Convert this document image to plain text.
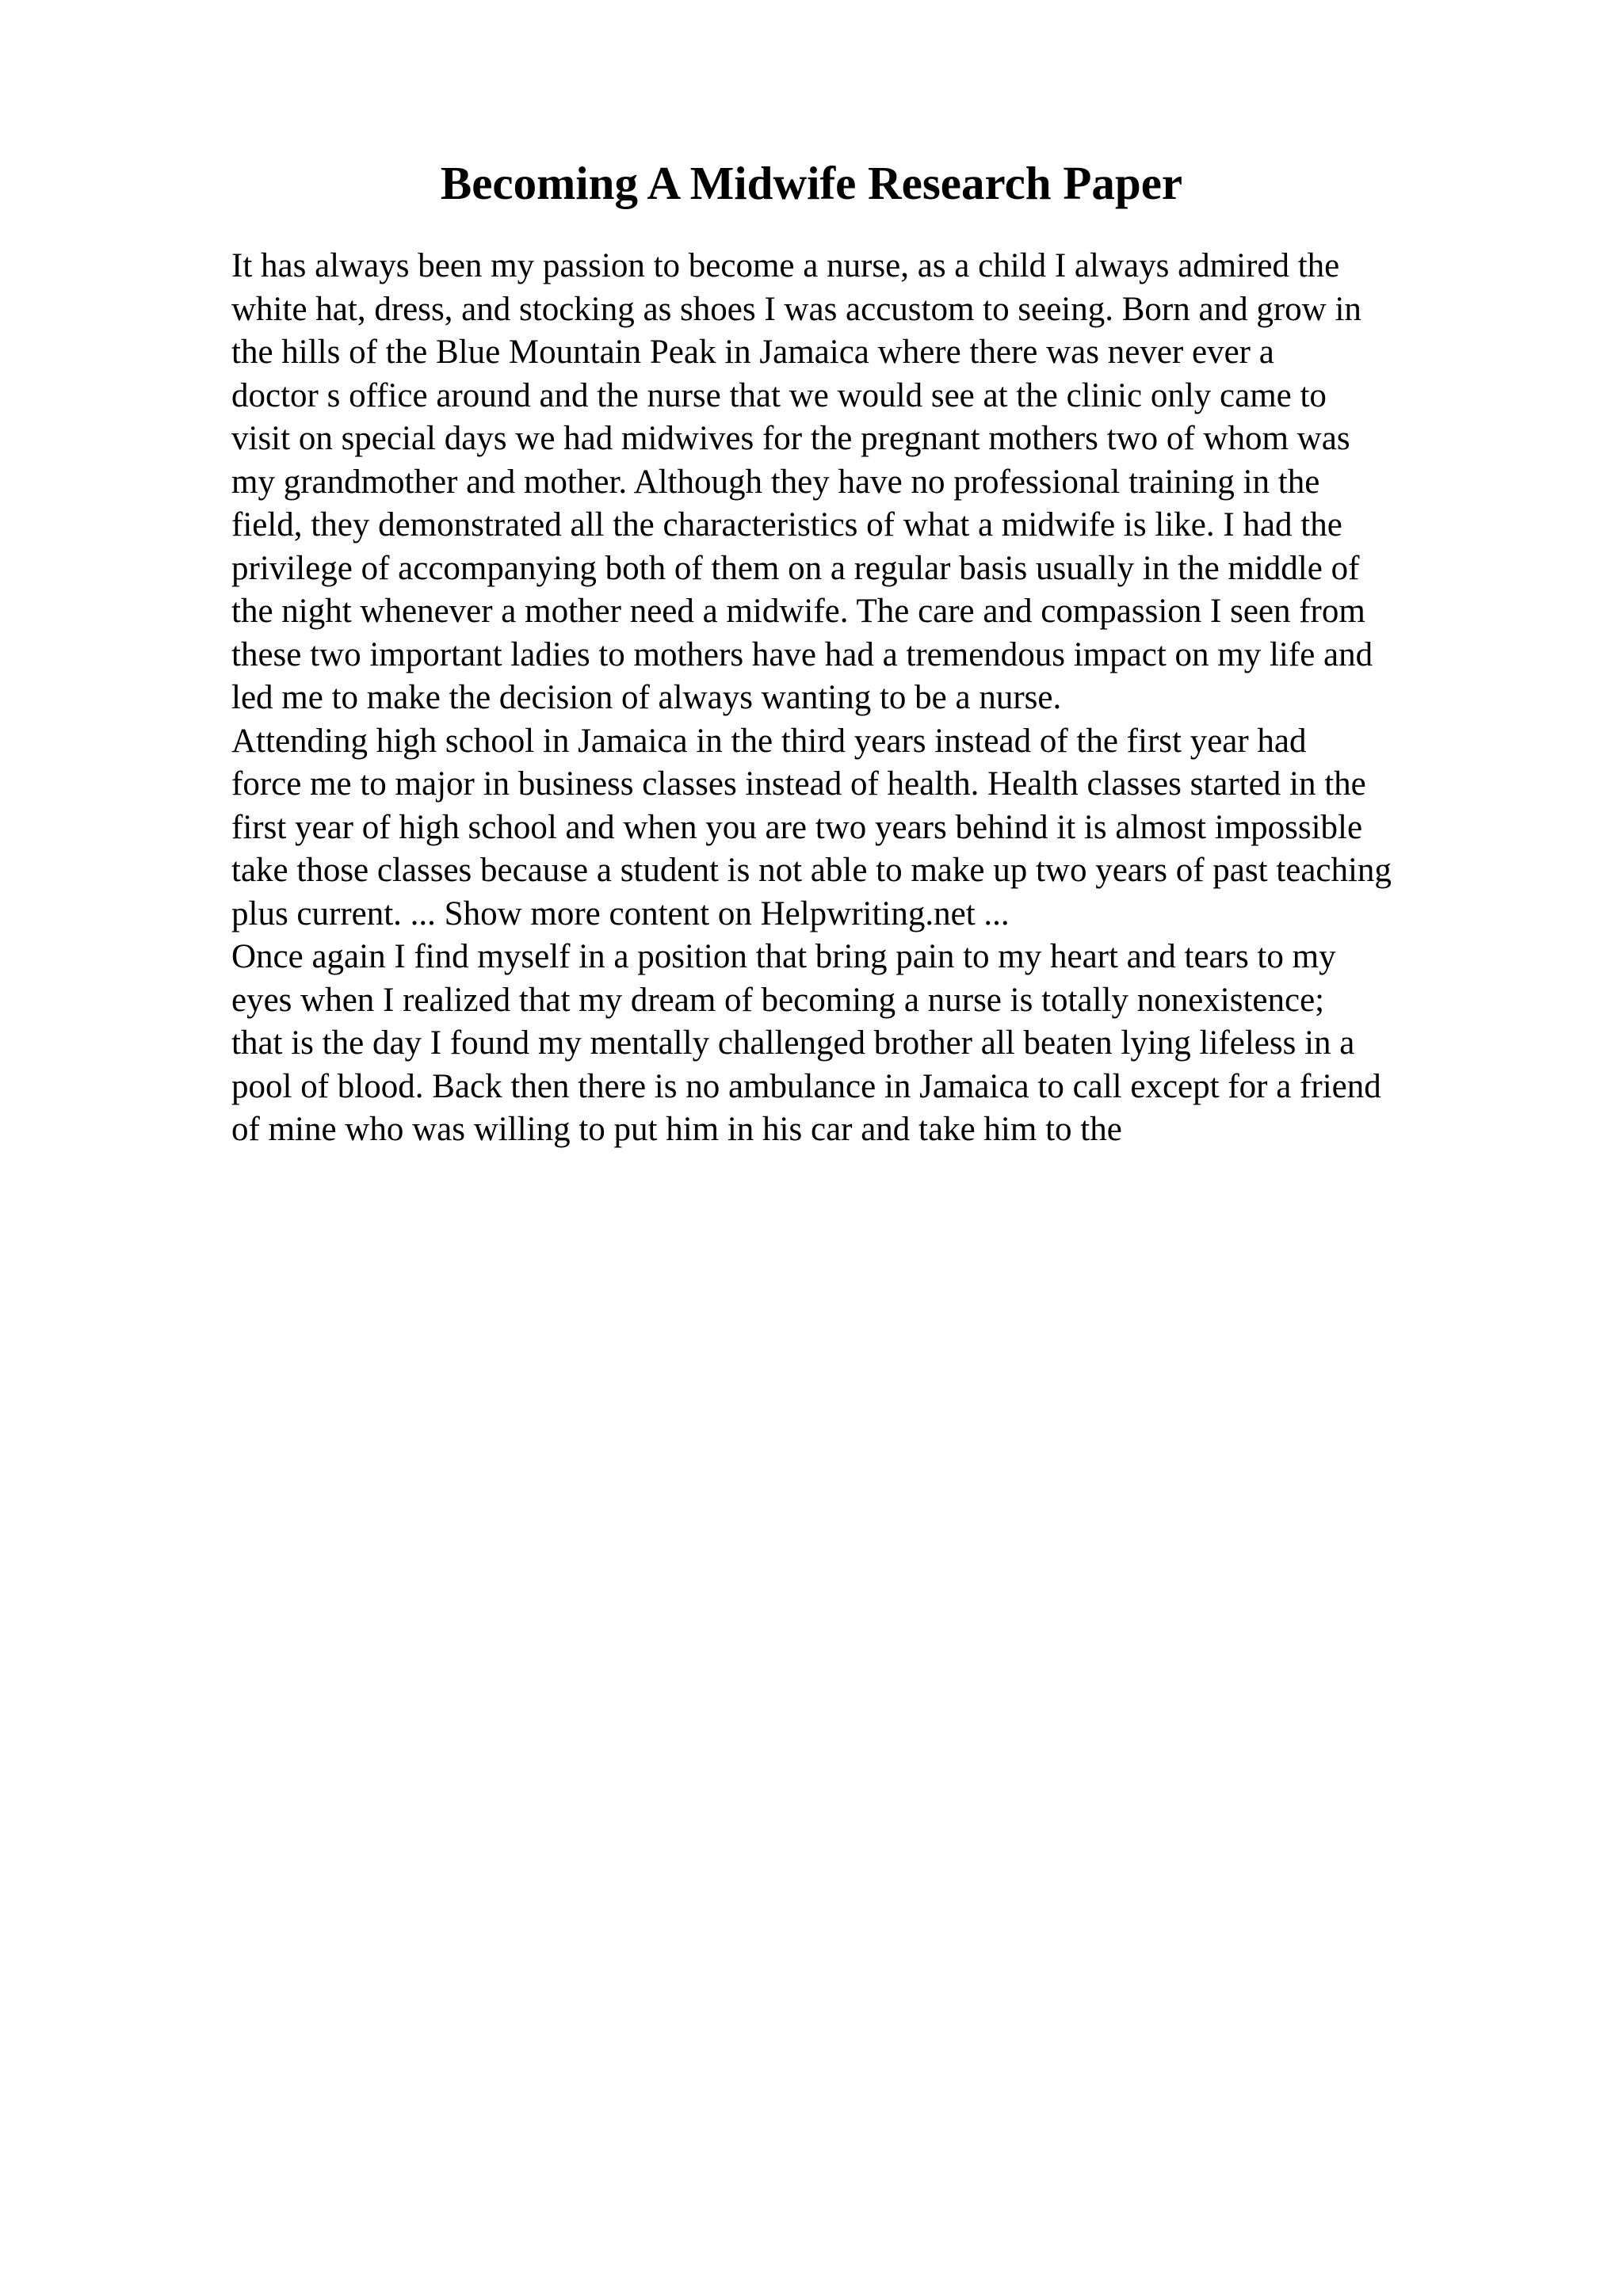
Becoming A Midwife Research Paper
It has always been my passion to become a nurse, as a child I always admired the
white hat, dress, and stocking as shoes I was accustom to seeing. Born and grow in
the hills of the Blue Mountain Peak in Jamaica where there was never ever a
doctor s office around and the nurse that we would see at the clinic only came to
visit on special days we had midwives for the pregnant mothers two of whom was
my grandmother and mother. Although they have no professional training in the
field, they demonstrated all the characteristics of what a midwife is like. I had the
privilege of accompanying both of them on a regular basis usually in the middle of
the night whenever a mother need a midwife. The care and compassion I seen from
these two important ladies to mothers have had a tremendous impact on my life and
led me to make the decision of always wanting to be a nurse.
Attending high school in Jamaica in the third years instead of the first year had
force me to major in business classes instead of health. Health classes started in the
first year of high school and when you are two years behind it is almost impossible
take those classes because a student is not able to make up two years of past teaching
plus current. ... Show more content on Helpwriting.net ...
Once again I find myself in a position that bring pain to my heart and tears to my
eyes when I realized that my dream of becoming a nurse is totally nonexistence;
that is the day I found my mentally challenged brother all beaten lying lifeless in a
pool of blood. Back then there is no ambulance in Jamaica to call except for a friend
of mine who was willing to put him in his car and take him to the
